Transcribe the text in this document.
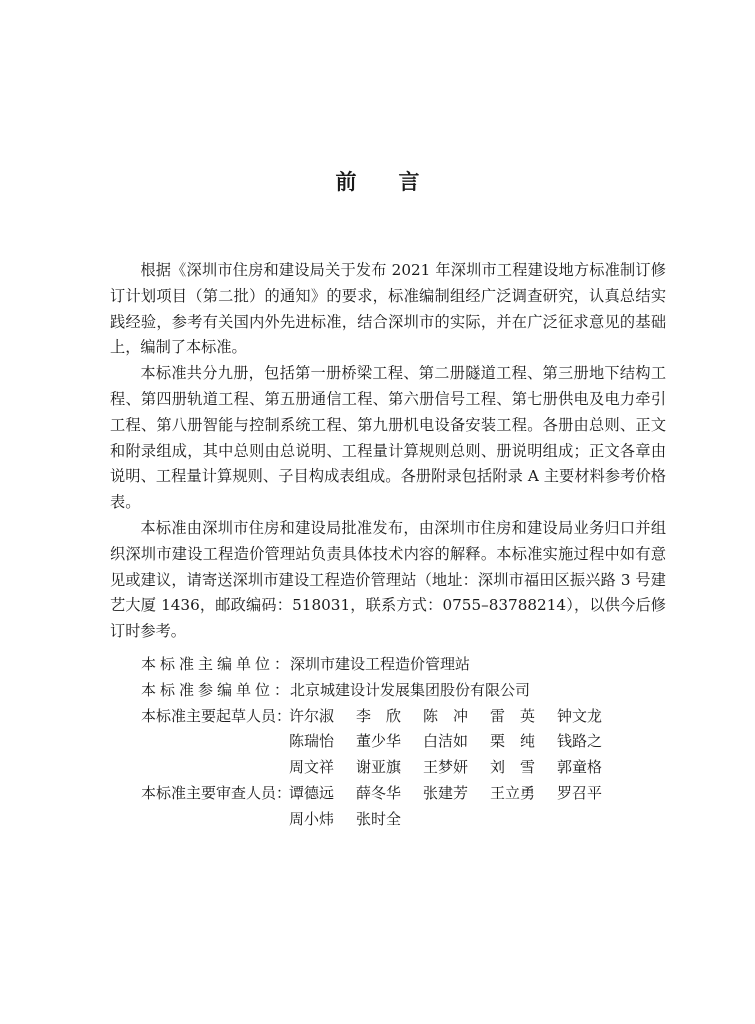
前 言

根据《深圳市住房和建设局关于发布 2021 年深圳市工程建设地方标准制订修订计划项目（第二批）的通知》的要求，标准编制组经广泛调查研究，认真总结实践经验，参考有关国内外先进标准，结合深圳市的实际，并在广泛征求意见的基础上，编制了本标准。

本标准共分九册，包括第一册桥梁工程、第二册隧道工程、第三册地下结构工程、第四册轨道工程、第五册通信工程、第六册信号工程、第七册供电及电力牵引工程、第八册智能与控制系统工程、第九册机电设备安装工程。各册由总则、正文和附录组成，其中总则由总说明、工程量计算规则总则、册说明组成；正文各章由说明、工程量计算规则、子目构成表组成。各册附录包括附录 A 主要材料参考价格表。

本标准由深圳市住房和建设局批准发布，由深圳市住房和建设局业务归口并组织深圳市建设工程造价管理站负责具体技术内容的解释。本标准实施过程中如有意见或建议，请寄送深圳市建设工程造价管理站（地址：深圳市福田区振兴路 3 号建艺大厦 1436，邮政编码：518031，联系方式：0755–83788214），以供今后修订时参考。

本标准主编单位： 深圳市建设工程造价管理站
本标准参编单位： 北京城建设计发展集团股份有限公司
本标准主要起草人员：
许尔淑	李　欣	陈　冲	雷　英	钟文龙
陈瑞怡	董少华	白洁如	栗　纯	钱路之
周文祥	谢亚旗	王梦妍	刘　雪	郭童格
本标准主要审查人员：
谭德远	薛冬华	张建芳	王立勇	罗召平
周小炜	张时全
